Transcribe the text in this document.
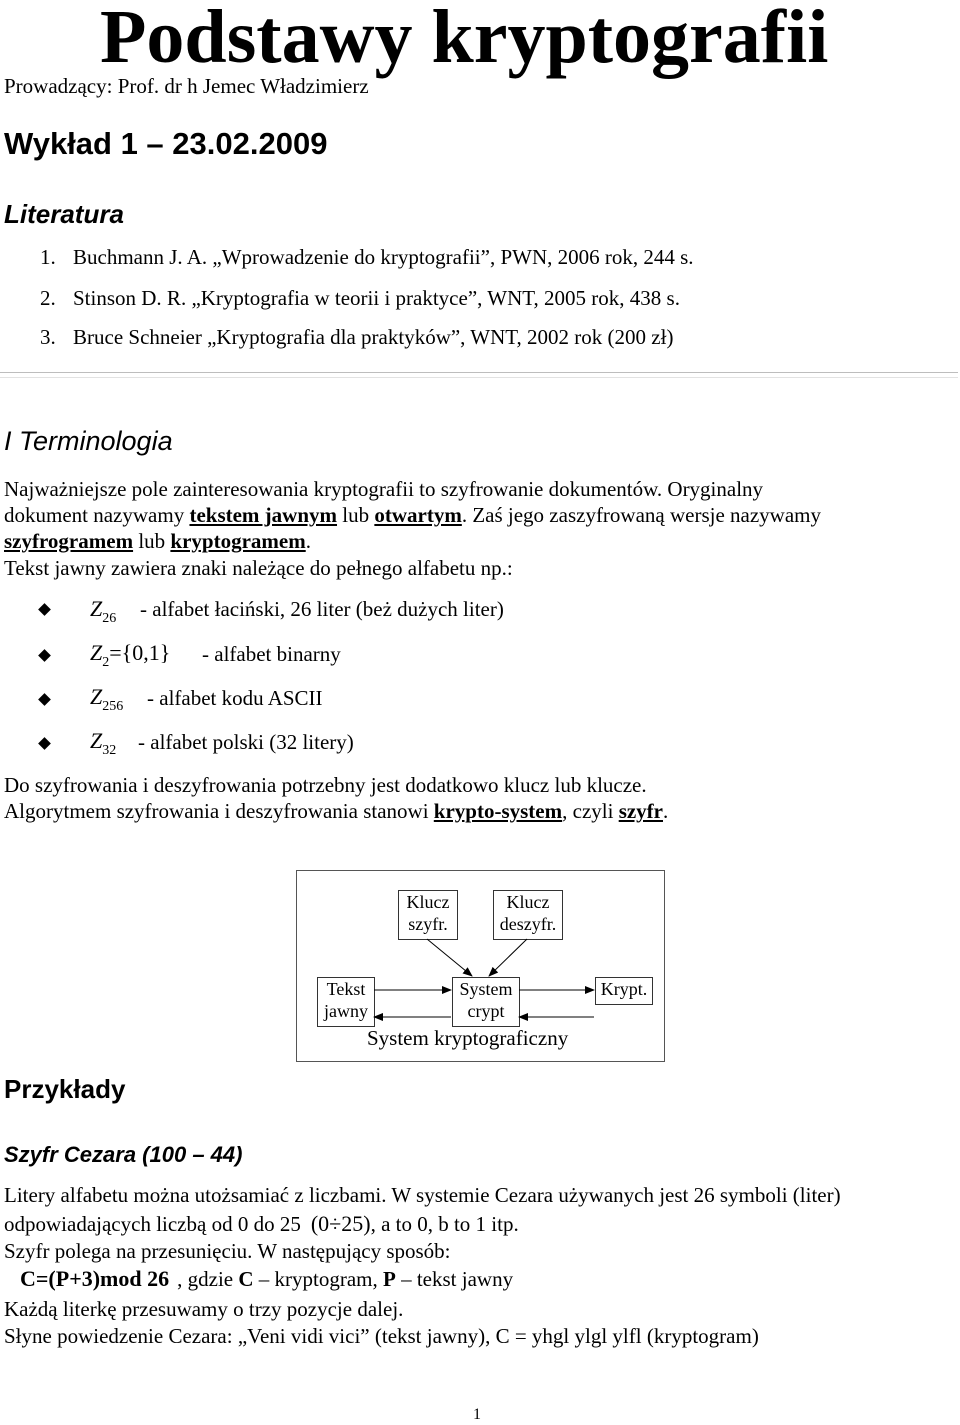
Podstawy kryptografii
Prowadzący: Prof. dr h Jemec Władzimierz
Wykład 1 – 23.02.2009
Literatura
1. Buchmann J. A. „Wprowadzenie do kryptografii”, PWN, 2006 rok, 244 s.
2. Stinson D. R. „Kryptografia w teorii i praktyce”, WNT, 2005 rok, 438 s.
3. Bruce Schneier „Kryptografia dla praktyków”, WNT, 2002 rok (200 zł)
I Terminologia
Najważniejsze pole zainteresowania kryptografii to szyfrowanie dokumentów. Oryginalny
dokument nazywamy tekstem jawnym lub otwartym. Zaś jego zaszyfrowaną wersje nazywamy
szyfrogramem lub kryptogramem.
Tekst jawny zawiera znaki należące do pełnego alfabetu np.:
Z26 - alfabet łaciński, 26 liter (beż dużych liter)
Z2={0,1} - alfabet binarny
Z256 - alfabet kodu ASCII
Z32 - alfabet polski (32 litery)
Do szyfrowania i deszyfrowania potrzebny jest dodatkowo klucz lub klucze.
Algorytmem szyfrowania i deszyfrowania stanowi krypto-system, czyli szyfr.
Klucz
szyfr.
Klucz
deszyfr.
Tekst
jawny
System
crypt
Krypt.
System kryptograficzny
Przykłady
Szyfr Cezara (100 – 44)
Litery alfabetu można utożsamiać z liczbami. W systemie Cezara używanych jest 26 symboli (liter)
odpowiadających liczbą od 0 do 25 (0÷25), a to 0, b to 1 itp.
Szyfr polega na przesunięciu. W następujący sposób:
C=(P+3)mod 26 , gdzie C – kryptogram, P – tekst jawny
Każdą literkę przesuwamy o trzy pozycje dalej.
Słyne powiedzenie Cezara: „Veni vidi vici” (tekst jawny), C = yhgl ylgl ylfl (kryptogram)
1
